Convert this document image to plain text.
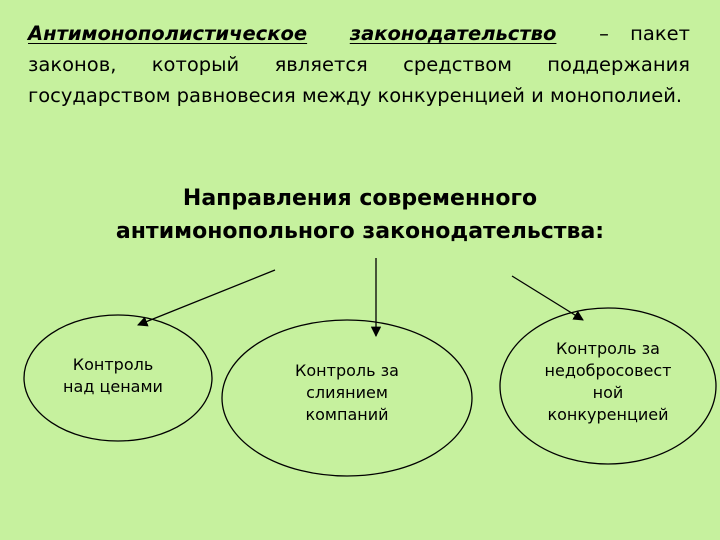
Антимонополистическое законодательство – пакет
законов, который является средством поддержания
государством равновесия между конкуренцией и монополией.
Направления современного
антимонопольного законодательства:
Контроль
над ценами
Контроль за
слиянием
компаний
Контроль за
недобросовест
ной
конкуренцией
